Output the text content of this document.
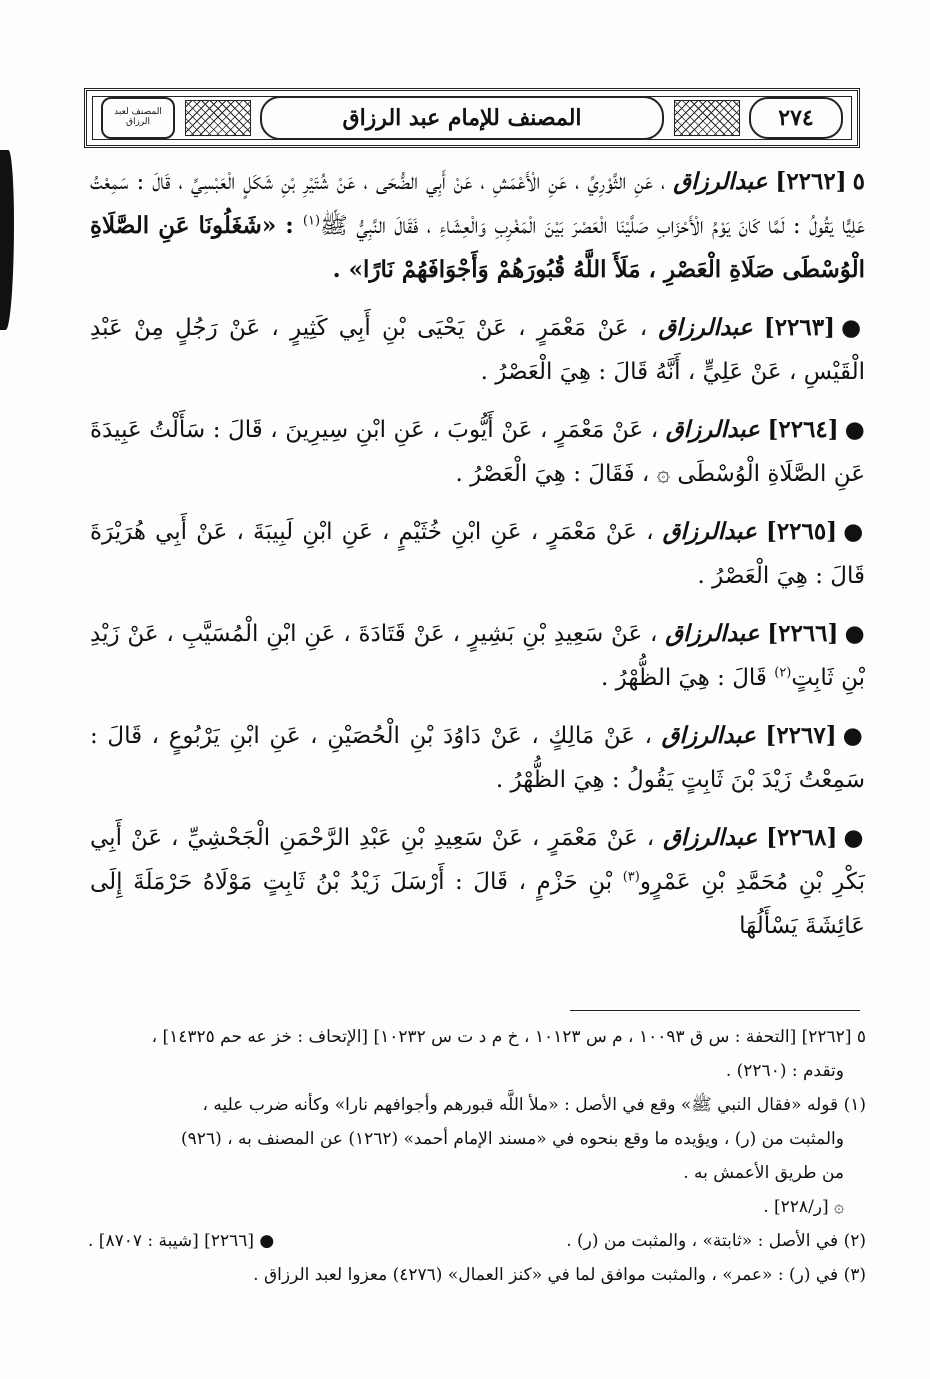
المصنف لعبد الرزاق	المصنف للإمام عبد الرزاق	٢٧٤

٥[٢٢٦٢] عبدالرزاق ، عَنِ الثَّوْرِيِّ ، عَنِ الْأَعْمَشِ ، عَنْ أَبِي الضُّحَى ، عَنْ شُتَيْرِ بْنِ شَكَلٍ الْعَبْسِيِّ ، قَالَ : سَمِعْتُ عَلِيًّا يَقُولُ : لَمَّا كَانَ يَوْمُ الْأَحْزَابِ صَلَّيْنَا الْعَصْرَ بَيْنَ الْمَغْرِبِ وَالْعِشَاءِ ، فَقَالَ النَّبِيُّ ﷺ$^{(١)}$ : «شَغَلُونَا عَنِ الصَّلَاةِ الْوُسْطَى صَلَاةِ الْعَصْرِ ، مَلَأَ اللَّهُ قُبُورَهُمْ وَأَجْوَافَهُمْ نَارًا» .

●[٢٢٦٣] عبدالرزاق ، عَنْ مَعْمَرٍ ، عَنْ يَحْيَى بْنِ أَبِي كَثِيرٍ ، عَنْ رَجُلٍ مِنْ عَبْدِ الْقَيْسِ ، عَنْ عَلِيٍّ ، أَنَّهُ قَالَ : هِيَ الْعَصْرُ .

●[٢٢٦٤] عبدالرزاق ، عَنْ مَعْمَرٍ ، عَنْ أَيُّوبَ ، عَنِ ابْنِ سِيرِينَ ، قَالَ : سَأَلْتُ عَبِيدَةَ عَنِ الصَّلَاةِ الْوُسْطَى ۞ ، فَقَالَ : هِيَ الْعَصْرُ .

●[٢٢٦٥] عبدالرزاق ، عَنْ مَعْمَرٍ ، عَنِ ابْنِ خُثَيْمٍ ، عَنِ ابْنِ لَبِيبَةَ ، عَنْ أَبِي هُرَيْرَةَ قَالَ : هِيَ الْعَصْرُ .

●[٢٢٦٦] عبدالرزاق ، عَنْ سَعِيدِ بْنِ بَشِيرٍ ، عَنْ قَتَادَةَ ، عَنِ ابْنِ الْمُسَيَّبِ ، عَنْ زَيْدِ بْنِ ثَابِتٍ$^{(٢)}$ قَالَ : هِيَ الظُّهْرُ .

●[٢٢٦٧] عبدالرزاق ، عَنْ مَالِكٍ ، عَنْ دَاوُدَ بْنِ الْحُصَيْنِ ، عَنِ ابْنِ يَرْبُوعٍ ، قَالَ : سَمِعْتُ زَيْدَ بْنَ ثَابِتٍ يَقُولُ : هِيَ الظُّهْرُ .

●[٢٢٦٨] عبدالرزاق ، عَنْ مَعْمَرٍ ، عَنْ سَعِيدِ بْنِ عَبْدِ الرَّحْمَنِ الْجَحْشِيِّ ، عَنْ أَبِي بَكْرِ بْنِ مُحَمَّدِ بْنِ عَمْرٍو$^{(٣)}$ بْنِ حَزْمٍ ، قَالَ : أَرْسَلَ زَيْدُ بْنُ ثَابِتٍ مَوْلَاهُ حَرْمَلَةَ إِلَى عَائِشَةَ يَسْأَلُهَا

٥ [٢٢٦٢] [التحفة : س ق ١٠٠٩٣ ، م س ١٠١٢٣ ، خ م د ت س ١٠٢٣٢] [الإتحاف : خز عه حم ١٤٣٢٥] ،

وتقدم : (٢٢٦٠) .

(١) قوله «فقال النبي ﷺ» وقع في الأصل : «ملأ اللَّه قبورهم وأجوافهم نارا» وكأنه ضرب عليه ،

والمثبت من (ر) ، ويؤيده ما وقع بنحوه في «مسند الإمام أحمد» (١٢٦٢) عن المصنف به ، (٩٢٦)

من طريق الأعمش به .

۞ [ر/٢٢٨] .

(٢) في الأصل : «ثابتة» ، والمثبت من (ر) .

● [٢٢٦٦] [شيبة : ٨٧٠٧] .

(٣) في (ر) : «عمر» ، والمثبت موافق لما في «كنز العمال» (٤٢٧٦) معزوا لعبد الرزاق .
